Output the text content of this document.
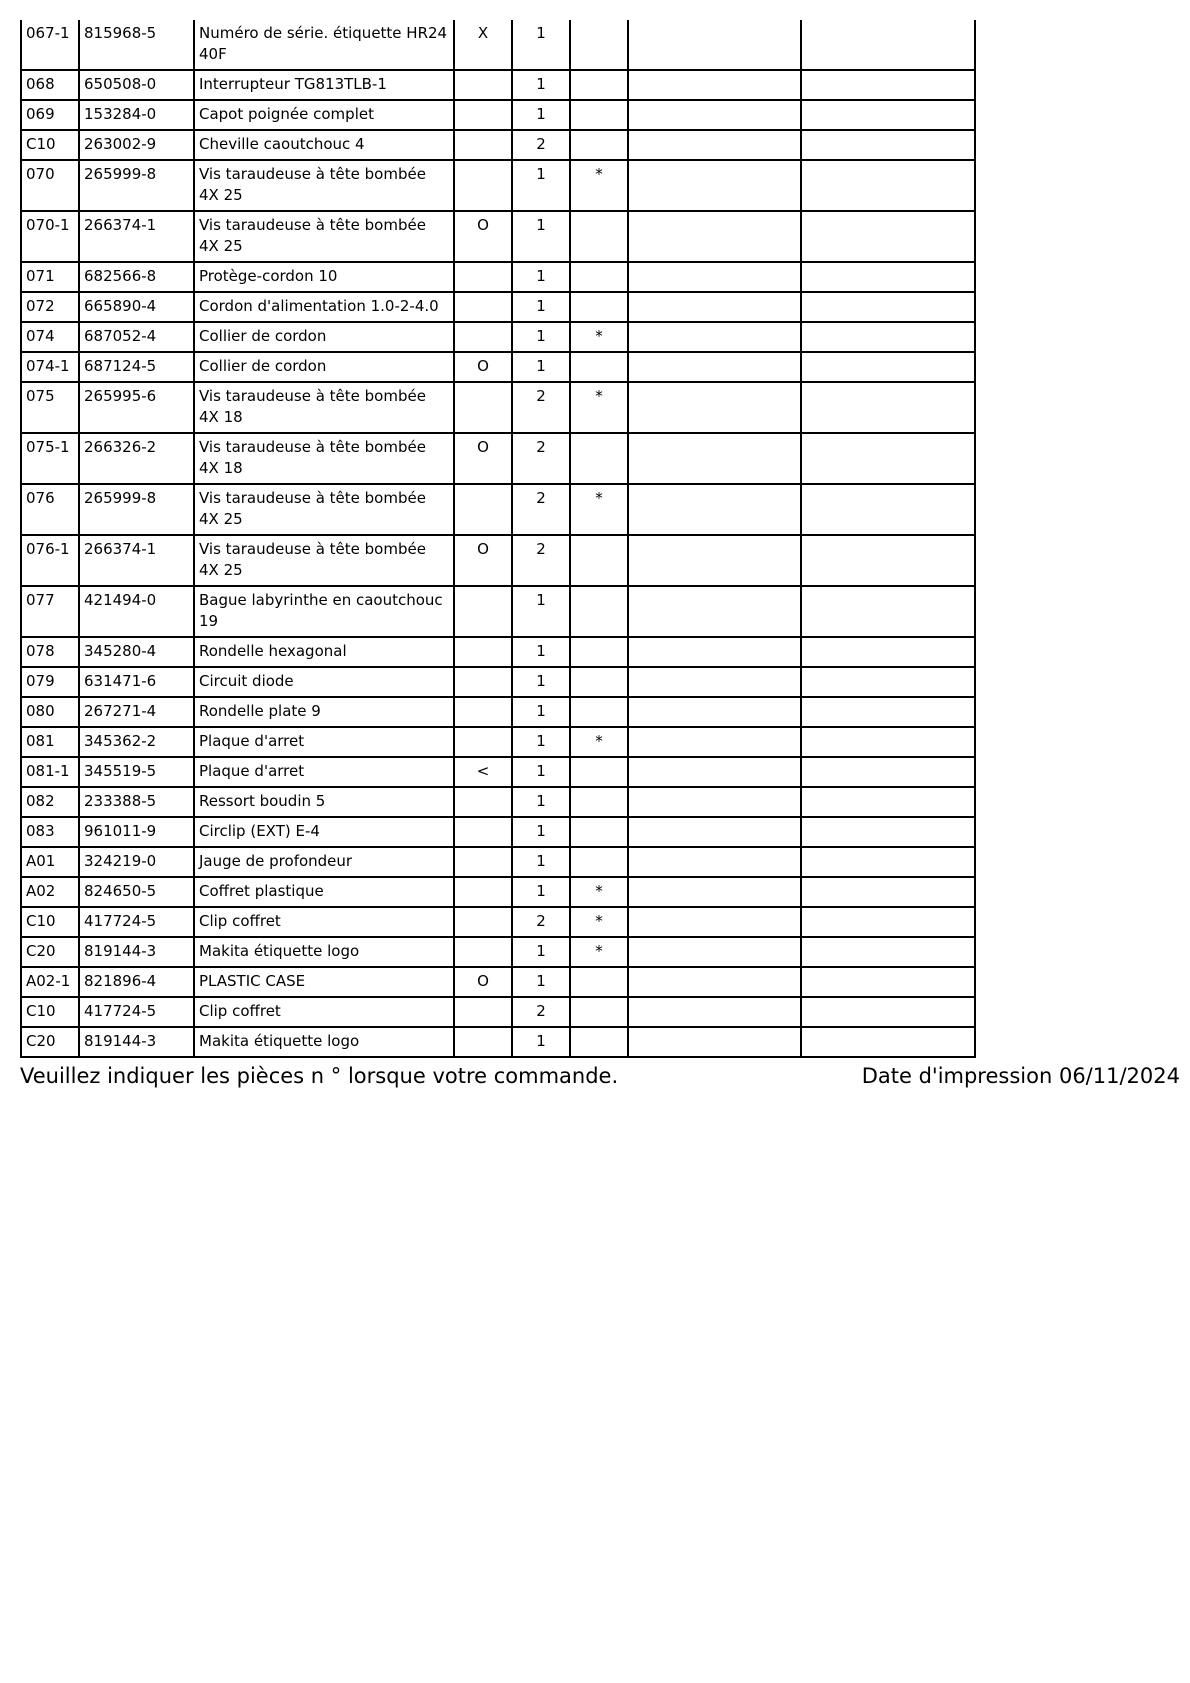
067-1	815968-5	Numéro de série. étiquette HR24 40F	X	1			
068	650508-0	Interrupteur TG813TLB-1		1			
069	153284-0	Capot poignée complet		1			
C10	263002-9	Cheville caoutchouc 4		2			
070	265999-8	Vis taraudeuse à tête bombée 4X 25		1	*		
070-1	266374-1	Vis taraudeuse à tête bombée 4X 25	O	1			
071	682566-8	Protège-cordon 10		1			
072	665890-4	Cordon d'alimentation 1.0-2-4.0		1			
074	687052-4	Collier de cordon		1	*		
074-1	687124-5	Collier de cordon	O	1			
075	265995-6	Vis taraudeuse à tête bombée 4X 18		2	*		
075-1	266326-2	Vis taraudeuse à tête bombée 4X 18	O	2			
076	265999-8	Vis taraudeuse à tête bombée 4X 25		2	*		
076-1	266374-1	Vis taraudeuse à tête bombée 4X 25	O	2			
077	421494-0	Bague labyrinthe en caoutchouc 19		1			
078	345280-4	Rondelle hexagonal		1			
079	631471-6	Circuit diode		1			
080	267271-4	Rondelle plate 9		1			
081	345362-2	Plaque d'arret		1	*		
081-1	345519-5	Plaque d'arret	<	1			
082	233388-5	Ressort boudin 5		1			
083	961011-9	Circlip (EXT) E-4		1			
A01	324219-0	Jauge de profondeur		1			
A02	824650-5	Coffret plastique		1	*		
C10	417724-5	Clip coffret		2	*		
C20	819144-3	Makita étiquette logo		1	*		
A02-1	821896-4	PLASTIC CASE	O	1			
C10	417724-5	Clip coffret		2			
C20	819144-3	Makita étiquette logo		1			
Veuillez indiquer les pièces n ° lorsque votre commande.	Date d'impression 06/11/2024
